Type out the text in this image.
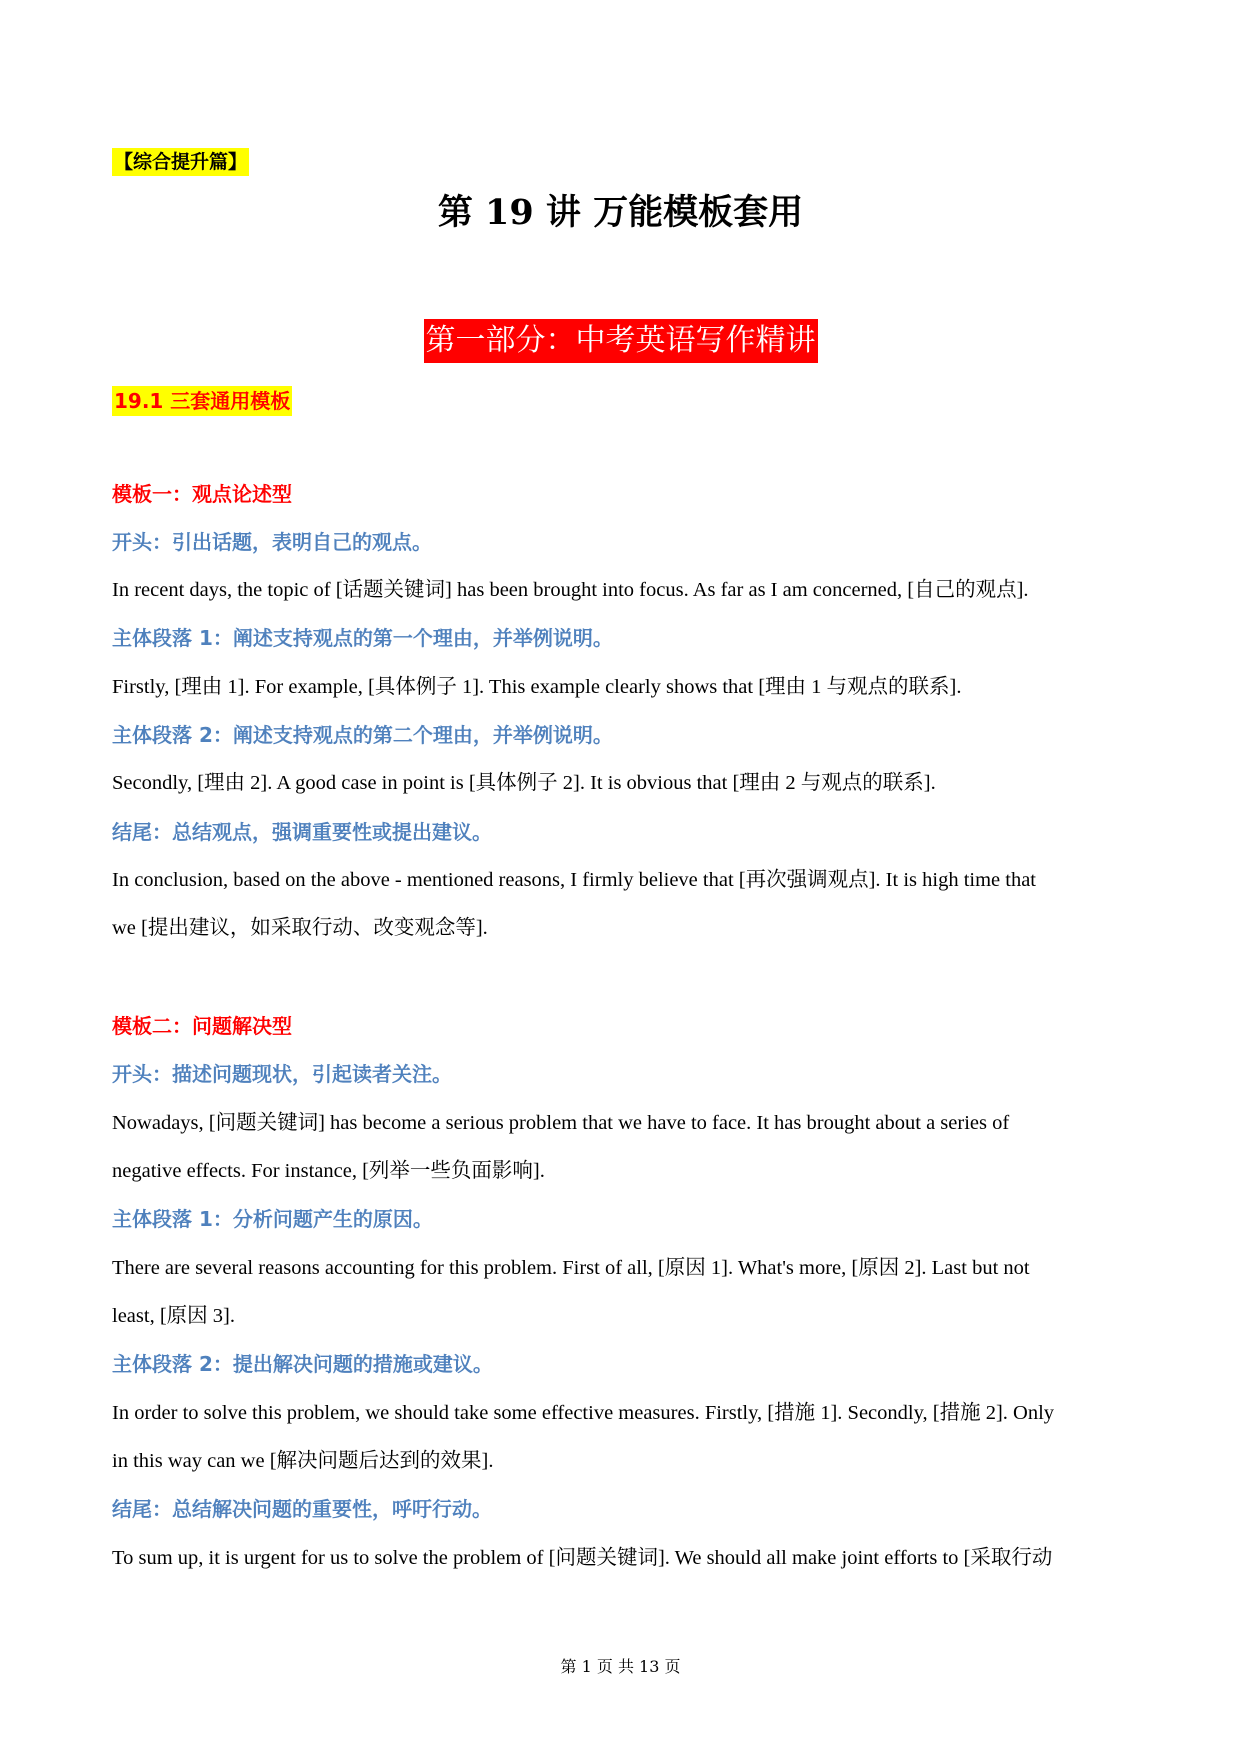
【综合提升篇】
第 19 讲 万能模板套用
第一部分：中考英语写作精讲
19.1 三套通用模板
模板一：观点论述型
开头：引出话题，表明自己的观点。
In recent days, the topic of [话题关键词] has been brought into focus. As far as I am concerned, [自己的观点].
主体段落 1：阐述支持观点的第一个理由，并举例说明。
Firstly, [理由 1]. For example, [具体例子 1]. This example clearly shows that [理由 1 与观点的联系].
主体段落 2：阐述支持观点的第二个理由，并举例说明。
Secondly, [理由 2]. A good case in point is [具体例子 2]. It is obvious that [理由 2 与观点的联系].
结尾：总结观点，强调重要性或提出建议。
In conclusion, based on the above - mentioned reasons, I firmly believe that [再次强调观点]. It is high time that
we [提出建议，如采取行动、改变观念等].
模板二：问题解决型
开头：描述问题现状，引起读者关注。
Nowadays, [问题关键词] has become a serious problem that we have to face. It has brought about a series of
negative effects. For instance, [列举一些负面影响].
主体段落 1：分析问题产生的原因。
There are several reasons accounting for this problem. First of all, [原因 1]. What's more, [原因 2]. Last but not
least, [原因 3].
主体段落 2：提出解决问题的措施或建议。
In order to solve this problem, we should take some effective measures. Firstly, [措施 1]. Secondly, [措施 2]. Only
in this way can we [解决问题后达到的效果].
结尾：总结解决问题的重要性，呼吁行动。
To sum up, it is urgent for us to solve the problem of [问题关键词]. We should all make joint efforts to [采取行动
第 1 页 共 13 页
